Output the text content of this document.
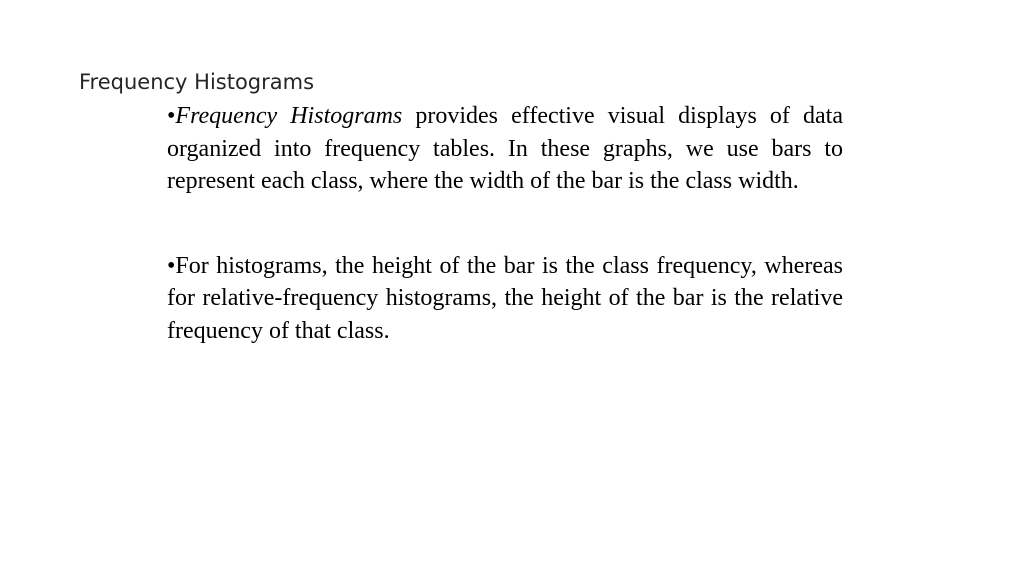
Frequency Histograms

•Frequency Histograms provides effective visual displays of data organized into frequency tables. In these graphs, we use bars to represent each class, where the width of the bar is the class width.

•For histograms, the height of the bar is the class frequency, whereas for relative-frequency histograms, the height of the bar is the relative frequency of that class.
